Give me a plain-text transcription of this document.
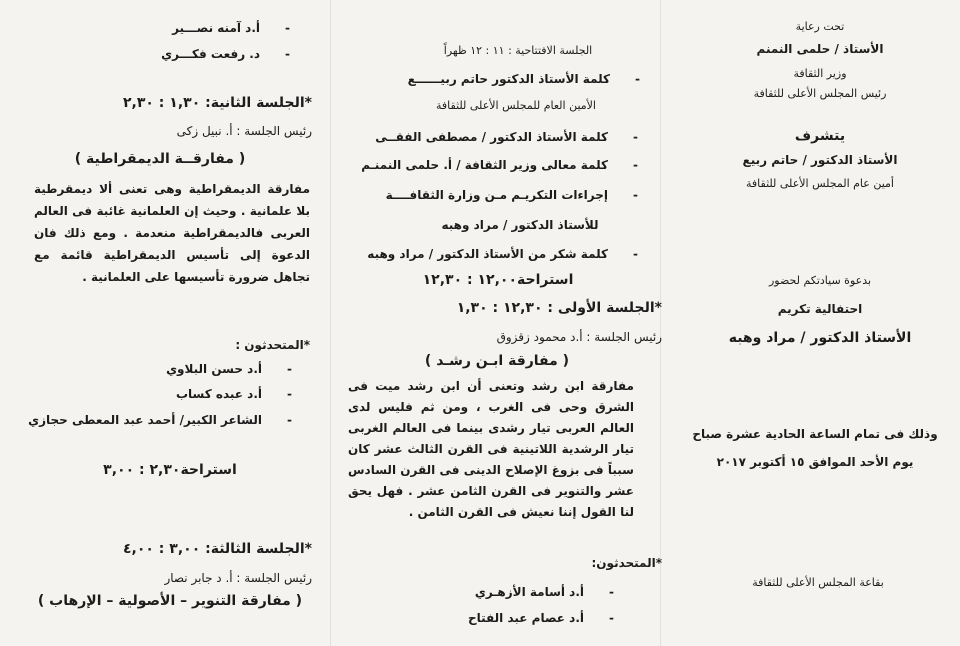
تحت رعاية
الأستاذ / حلمى النمنم
وزير الثقافة
رئيس المجلس الأعلى للثقافة
يتشرف
الأستاذ الدكتور / حاتم ربيع
أمين عام المجلس الأعلى للثقافة
بدعوة سيادتكم لحضور
احتفالية تكريم
الأستاذ الدكتور / مراد وهبه
وذلك فى تمام الساعة الحادية عشرة صباح
يوم الأحد الموافق ١٥ أكتوبر ٢٠١٧
بقاعة المجلس الأعلى للثقافة
الجلسة الافتتاحية : ١١ : ١٢ ظهراً
- كلمة الأستاذ الدكتور حاتم ربيــــــع
الأمين العام للمجلس الأعلى للثقافة
- كلمة الأستاذ الدكتور / مصطفى الفقــى
- كلمة معالى وزير الثقافة / أ. حلمى النمنـم
- إجراءات التكريـم مـن وزارة الثقافــــة
للأستاذ الدكتور / مراد وهبه
- كلمة شكر من الأستاذ الدكتور / مراد وهبه
استراحة١٢,٠٠ : ١٢,٣٠
*الجلسة الأولى : ١٢,٣٠ : ١,٣٠
رئيس الجلسة : أ.د محمود زقزوق
( مفارقة ابـن رشـد )
مفارقة ابن رشد وتعنى أن ابن رشد ميت فى الشرق وحى فى الغرب ، ومن ثم فليس لدى العالم العربى تيار رشدى بينما فى العالم الغربى تيار الرشدية اللاتينية فى القرن الثالث عشر كان سبباً فى بزوغ الإصلاح الدينى فى القرن السادس عشر والتنوير فى القرن الثامن عشر . فهل يحق لنا القول إننا نعيش فى القرن الثامن .
*المتحدثون:
- أ.د أسامة الأزهـري
- أ.د عصام عبد الفتاح
- أ.د آمنه نصـــير
- د. رفعت فكـــري
*الجلسة الثانية: ١,٣٠ : ٢,٣٠
رئيس الجلسة : أ. نبيل زكى
( مفارقــة الديمقراطية )
مفارقة الديمقراطية وهى تعنى ألا ديمقرطية بلا علمانية . وحيث إن العلمانية غائبة فى العالم العربى فالديمقراطية منعدمة . ومع ذلك فان الدعوة إلى تأسيس الديمقراطية قائمة مع تجاهل ضرورة تأسيسها على العلمانية .
*المتحدثون :
- أ.د حسن البلاوي
- أ.د عبده كساب
- الشاعر الكبير/ أحمد عبد المعطى حجازي
استراحة٢,٣٠ : ٣,٠٠
*الجلسة الثالثة: ٣,٠٠ : ٤,٠٠
رئيس الجلسة : أ. د جابر نصار
( مفارقة التنوير – الأصولية – الإرهاب )
